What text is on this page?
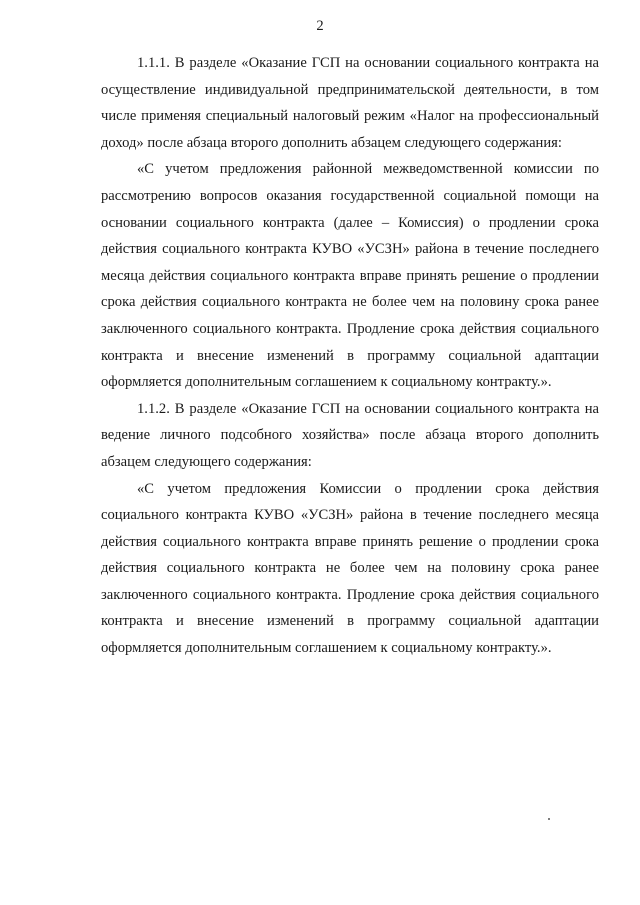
2

1.1.1. В разделе «Оказание ГСП на основании социального контракта на осуществление индивидуальной предпринимательской деятельности, в том числе применяя специальный налоговый режим «Налог на профессиональный доход» после абзаца второго дополнить абзацем следующего содержания:

«С учетом предложения районной межведомственной комиссии по рассмотрению вопросов оказания государственной социальной помощи на основании социального контракта (далее – Комиссия) о продлении срока действия социального контракта КУВО «УСЗН» района в течение последнего месяца действия социального контракта вправе принять решение о продлении срока действия социального контракта не более чем на половину срока ранее заключенного социального контракта. Продление срока действия социального контракта и внесение изменений в программу социальной адаптации оформляется дополнительным соглашением к социальному контракту.».

1.1.2. В разделе «Оказание ГСП на основании социального контракта на ведение личного подсобного хозяйства» после абзаца второго дополнить абзацем следующего содержания:

«С учетом предложения Комиссии о продлении срока действия социального контракта КУВО «УСЗН» района в течение последнего месяца действия социального контракта вправе принять решение о продлении срока действия социального контракта не более чем на половину срока ранее заключенного социального контракта. Продление срока действия социального контракта и внесение изменений в программу социальной адаптации оформляется дополнительным соглашением к социальному контракту.».
